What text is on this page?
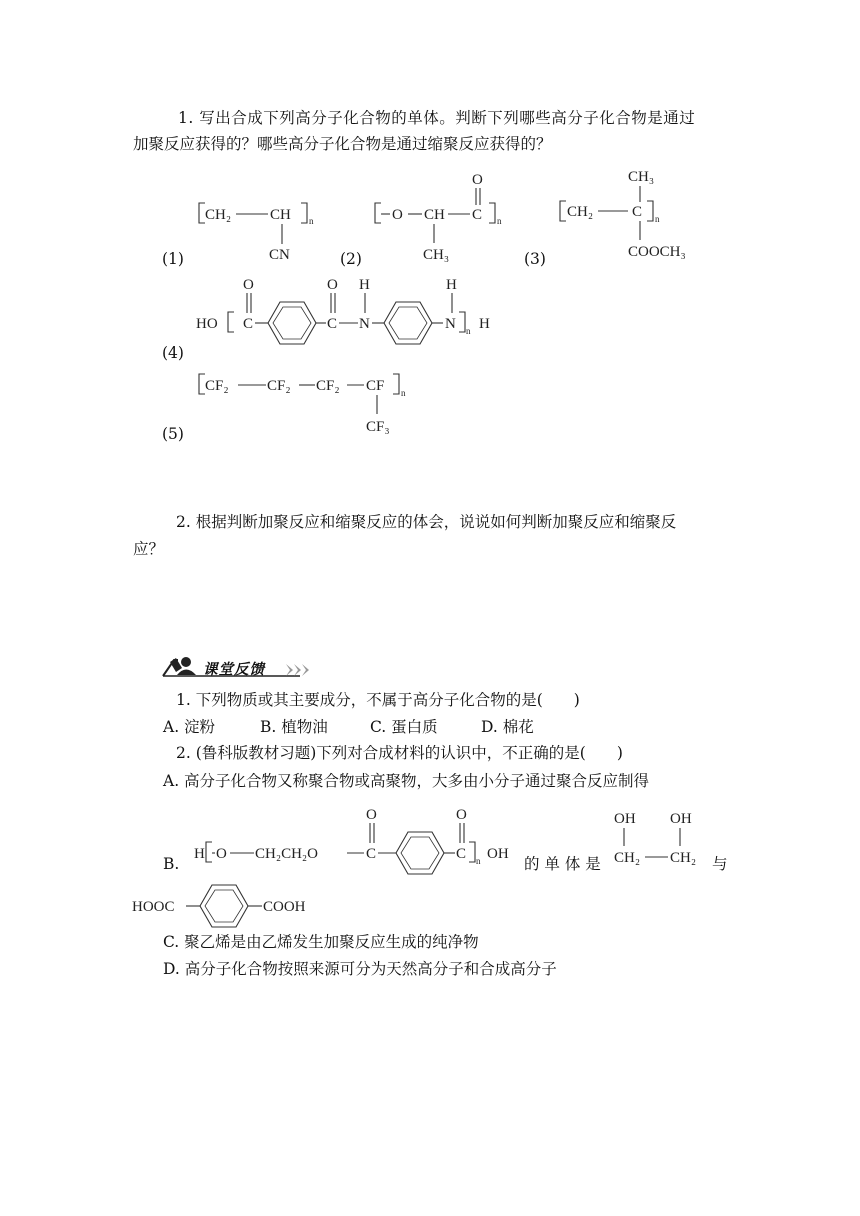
1. 写出合成下列高分子化合物的单体。判断下列哪些高分子化合物是通过
加聚反应获得的？哪些高分子化合物是通过缩聚反应获得的？
CH₂	CH n
CN
O CH C
O
n
CH₃
CH₃
CH₂	C n
COOCH₃
HO C
O
C
O
N
H
N
H
n H
CF₂	CF₂ CF₂ CF n
CF₃
H O CH₂CH₂O	C
O
C
O
n OH
OH OH
CH₂ CH₂
HOOC	COOH
(1)	(2)	(3)
(4)
(5)
2. 根据判断加聚反应和缩聚反应的体会，说说如何判断加聚反应和缩聚反
应？
课堂反馈
1. 下列物质或其主要成分，不属于高分子化合物的是(　　)
A. 淀粉	B. 植物油	C. 蛋白质	D. 棉花
2. (鲁科版教材习题)下列对合成材料的认识中，不正确的是(　　)
A. 高分子化合物又称聚合物或高聚物，大多由小分子通过聚合反应制得
B.	的 单 体 是	与
C. 聚乙烯是由乙烯发生加聚反应生成的纯净物
D. 高分子化合物按照来源可分为天然高分子和合成高分子
